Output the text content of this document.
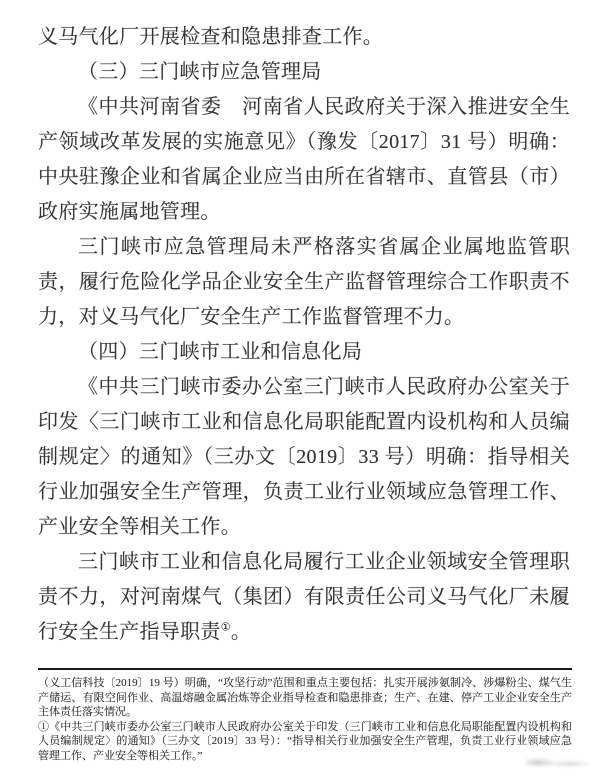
义马气化厂开展检查和隐患排查工作。
（三）三门峡市应急管理局
《中共河南省委　河南省人民政府关于深入推进安全生产领域改革发展的实施意见》（豫发〔2017〕31 号）明确：中央驻豫企业和省属企业应当由所在省辖市、直管县（市）政府实施属地管理。
三门峡市应急管理局未严格落实省属企业属地监管职责，履行危险化学品企业安全生产监督管理综合工作职责不力，对义马气化厂安全生产工作监督管理不力。
（四）三门峡市工业和信息化局
《中共三门峡市委办公室三门峡市人民政府办公室关于印发〈三门峡市工业和信息化局职能配置内设机构和人员编制规定〉的通知》（三办文〔2019〕33 号）明确：指导相关行业加强安全生产管理，负责工业行业领域应急管理工作、产业安全等相关工作。
三门峡市工业和信息化局履行工业企业领域安全管理职责不力，对河南煤气（集团）有限责任公司义马气化厂未履行安全生产指导职责①。
（义工信科技〔2019〕19 号）明确，“攻坚行动”范围和重点主要包括：扎实开展涉氨制冷、涉爆粉尘、煤气生产储运、有限空间作业、高温熔融金属冶炼等企业指导检查和隐患排查；生产、在建、停产工业企业安全生产主体责任落实情况。
①《中共三门峡市委办公室三门峡市人民政府办公室关于印发（三门峡市工业和信息化局职能配置内设机构和人员编制规定〉的通知》（三办文〔2019〕33 号）：“指导相关行业加强安全生产管理，负责工业行业领域应急管理工作、产业安全等相关工作。”
